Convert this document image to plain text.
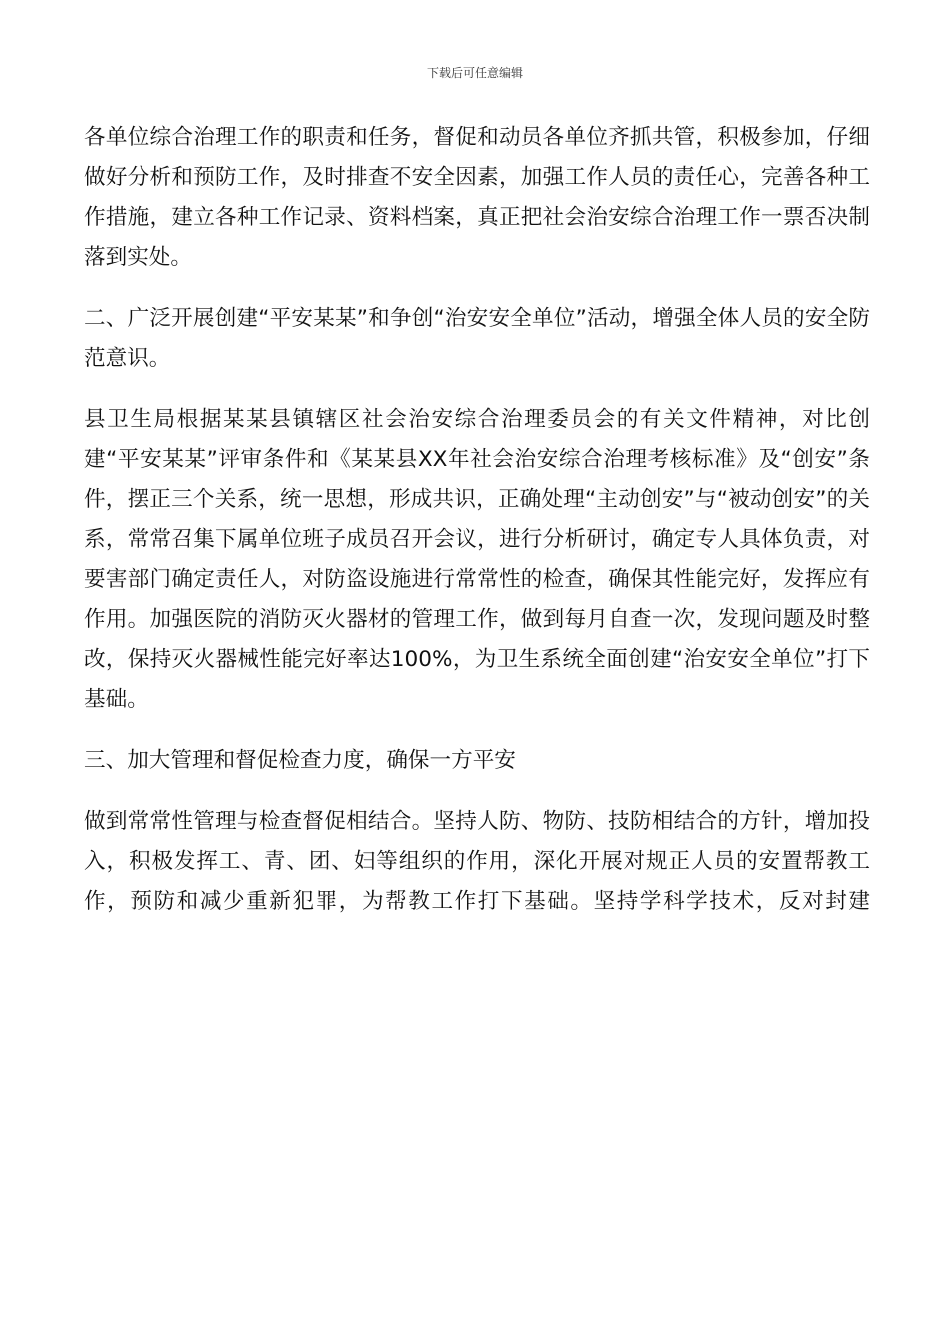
下载后可任意编辑

各单位综合治理工作的职责和任务，督促和动员各单位齐抓共管，积极参加，仔细做好分析和预防工作，及时排查不安全因素，加强工作人员的责任心，完善各种工作措施，建立各种工作记录、资料档案，真正把社会治安综合治理工作一票否决制落到实处。

二、广泛开展创建“平安某某”和争创“治安安全单位”活动，增强全体人员的安全防范意识。

县卫生局根据某某县镇辖区社会治安综合治理委员会的有关文件精神，对比创建“平安某某”评审条件和《某某县XX年社会治安综合治理考核标准》及“创安”条件，摆正三个关系，统一思想，形成共识，正确处理“主动创安”与“被动创安”的关系，常常召集下属单位班子成员召开会议，进行分析研讨，确定专人具体负责，对要害部门确定责任人，对防盗设施进行常常性的检查，确保其性能完好，发挥应有作用。加强医院的消防灭火器材的管理工作，做到每月自查一次，发现问题及时整改，保持灭火器械性能完好率达100%，为卫生系统全面创建“治安安全单位”打下基础。

三、加大管理和督促检查力度，确保一方平安

做到常常性管理与检查督促相结合。坚持人防、物防、技防相结合的方针，增加投入，积极发挥工、青、团、妇等组织的作用，深化开展对规正人员的安置帮教工作，预防和减少重新犯罪，为帮教工作打下基础。坚持学科学技术，反对封建
